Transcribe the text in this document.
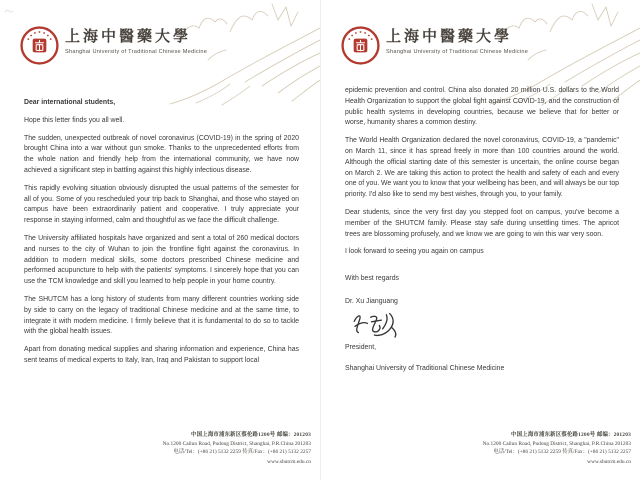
上海中醫藥大學
Shanghai University of Traditional Chinese Medicine

Dear international students,

Hope this letter finds you all well.

The sudden, unexpected outbreak of novel coronavirus (COVID-19) in the spring of 2020 brought China into a war without gun smoke. Thanks to the unprecedented efforts from the whole nation and friendly help from the international community, we have now achieved a significant step in battling against this highly infectious disease.

This rapidly evolving situation obviously disrupted the usual patterns of the semester for all of you. Some of you rescheduled your trip back to Shanghai, and those who stayed on campus have been extraordinarily patient and cooperative. I truly appreciate your response in staying informed, calm and thoughtful as we face the difficult challenge.

The University affiliated hospitals have organized and sent a total of 260 medical doctors and nurses to the city of Wuhan to join the frontline fight against the coronavirus. In addition to modern medical skills, some doctors prescribed Chinese medicine and performed acupuncture to help with the patients' symptoms. I sincerely hope that you can use the TCM knowledge and skill you learned to help people in your home country.

The SHUTCM has a long history of students from many different countries working side by side to carry on the legacy of traditional Chinese medicine and at the same time, to integrate it with modern medicine. I firmly believe that it is fundamental to do so to tackle with the global health issues.

Apart from donating medical supplies and sharing information and experience, China has sent teams of medical experts to Italy, Iran, Iraq and Pakistan to support local

中国上海市浦东新区蔡伦路1200号 邮编：201203
No.1200 Cailun Road, Pudong District, Shanghai, P.R.China 201203
电话/Tel：(+86 21) 5132 2259 传真/Fax：(+86 21) 5132 2257
www.shutcm.edu.cn
上海中醫藥大學
Shanghai University of Traditional Chinese Medicine

epidemic prevention and control. China also donated 20 million U.S. dollars to the World Health Organization to support the global fight against COVID-19, and the construction of public health systems in developing countries, because we believe that for better or worse, humanity shares a common destiny.

The World Health Organization declared the novel coronavirus, COVID-19, a "pandemic" on March 11, since it has spread freely in more than 100 countries around the world. Although the official starting date of this semester is uncertain, the online course began on March 2. We are taking this action to protect the health and safety of each and every one of you. We want you to know that your wellbeing has been, and will always be our top priority. I'd also like to send my best wishes, through you, to your family.

Dear students, since the very first day you stepped foot on campus, you've become a member of the SHUTCM family. Please stay safe during unsettling times. The apricot trees are blossoming profusely, and we know we are going to win this war very soon.

I look forward to seeing you again on campus

With best regards
Dr. Xu Jianguang
President,
Shanghai University of Traditional Chinese Medicine
中国上海市浦东新区蔡伦路1200号 邮编：201203
No.1200 Cailun Road, Pudong District, Shanghai, P.R.China 201203
电话/Tel：(+86 21) 5132 2259 传真/Fax：(+86 21) 5132 2257
www.shutcm.edu.cn
